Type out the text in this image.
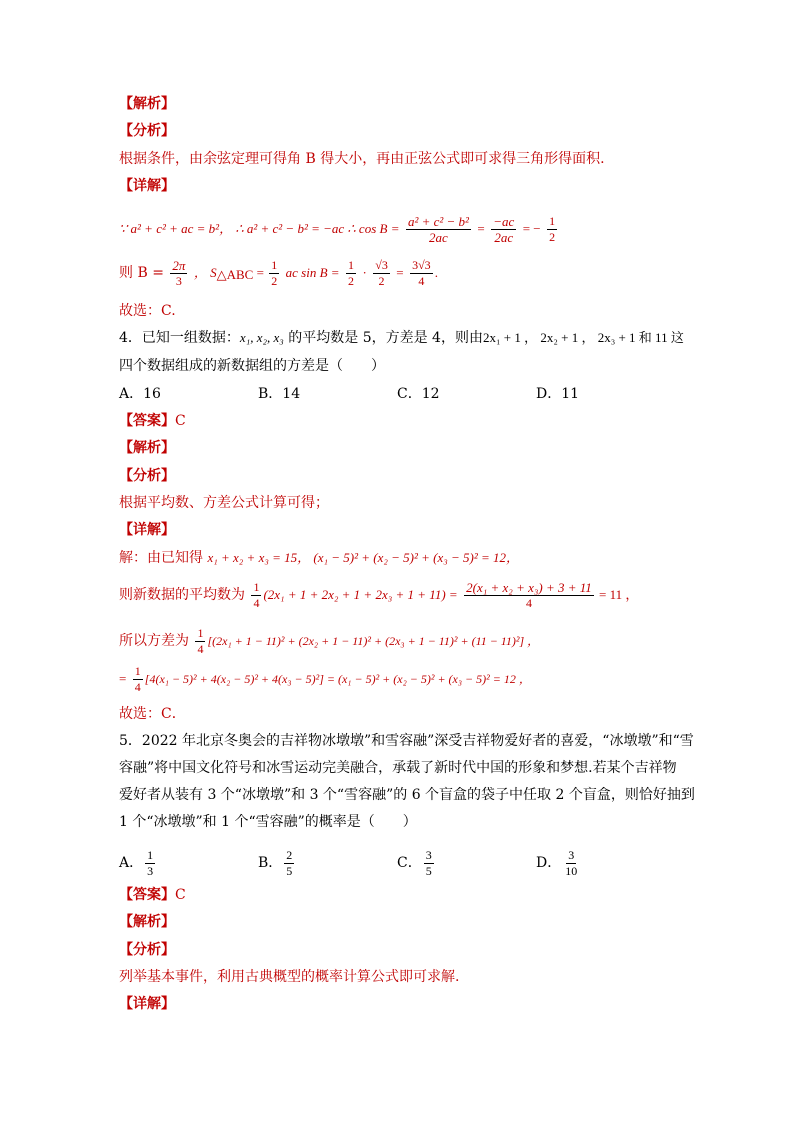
【解析】
【分析】
根据条件，由余弦定理可得角 B 得大小，再由正弦公式即可求得三角形得面积.
【详解】
∵ a² + c² + ac = b²， ∴ a² + c² − b² = −ac ∴ $\cos B = \frac{\text{a² + c² − b²}}{2ac} = \frac{-ac}{2ac}$ = − $\frac{1}{2}$
则 $B = \frac{2\pi}{3}$ ， $S_{\triangle ABC} = \frac{1}{2}$ ac $\sin B = \frac{1}{2} \cdot \frac{√3}{2} = \frac{3√3}{4}$ .
故选：C.
4．已知一组数据：x₁, x₂, x₃ 的平均数是 5，方差是 4，则由2x₁ + 1 ， 2x₂ + 1 ， 2x₃ + 1 和 11 这
四个数据组成的新数据组的方差是（　　）
A．16	B．14	C．12	D．11
【答案】C
【解析】
【分析】
根据平均数、方差公式计算可得；
【详解】
解：由已知得 x₁ + x₂ + x₃ = 15， (x₁ − 5)² + (x₂ − 5)² + (x₃ − 5)² = 12，
则新数据的平均数为 $\frac{1}{4} (2x_1 + 1 + 2x_2 + 1 + 2x_3 + 1 + 11) = \frac{\text{2(x₁ + x₂ + x₃) + 3 + 11}}{4} = 11$ ，
所以方差为 $\frac{1}{4} [(2x_1 + 1 - 11)^2 + (2x_2 + 1 - 11)^2 + (2x_3 + 1 - 11)^2 + (11 - 11)^2]$ ，
= $\frac{1}{4} [4(x_1 - 5)^2 + 4(x_2 - 5)^2 + 4(x_3 - 5)^2] = (x_1 - 5)^2 + (x_2 - 5)^2 + (x_3 - 5)^2 = 12$ ，
故选：C．
5．2022 年北京冬奥会的吉祥物冰墩墩”和雪容融”深受吉祥物爱好者的喜爱，“冰墩墩”和“雪
容融”将中国文化符号和冰雪运动完美融合，承载了新时代中国的形象和梦想.若某个吉祥物
爱好者从装有 3 个“冰墩墩”和 3 个“雪容融”的 6 个盲盒的袋子中任取 2 个盲盒，则恰好抽到
1 个“冰墩墩”和 1 个“雪容融”的概率是（　　）
A． $\frac{1}{3}$	B． $\frac{2}{5}$	C． $\frac{3}{5}$	D． $\frac{3}{10}$
【答案】C
【解析】
【分析】
列举基本事件，利用古典概型的概率计算公式即可求解.
【详解】
